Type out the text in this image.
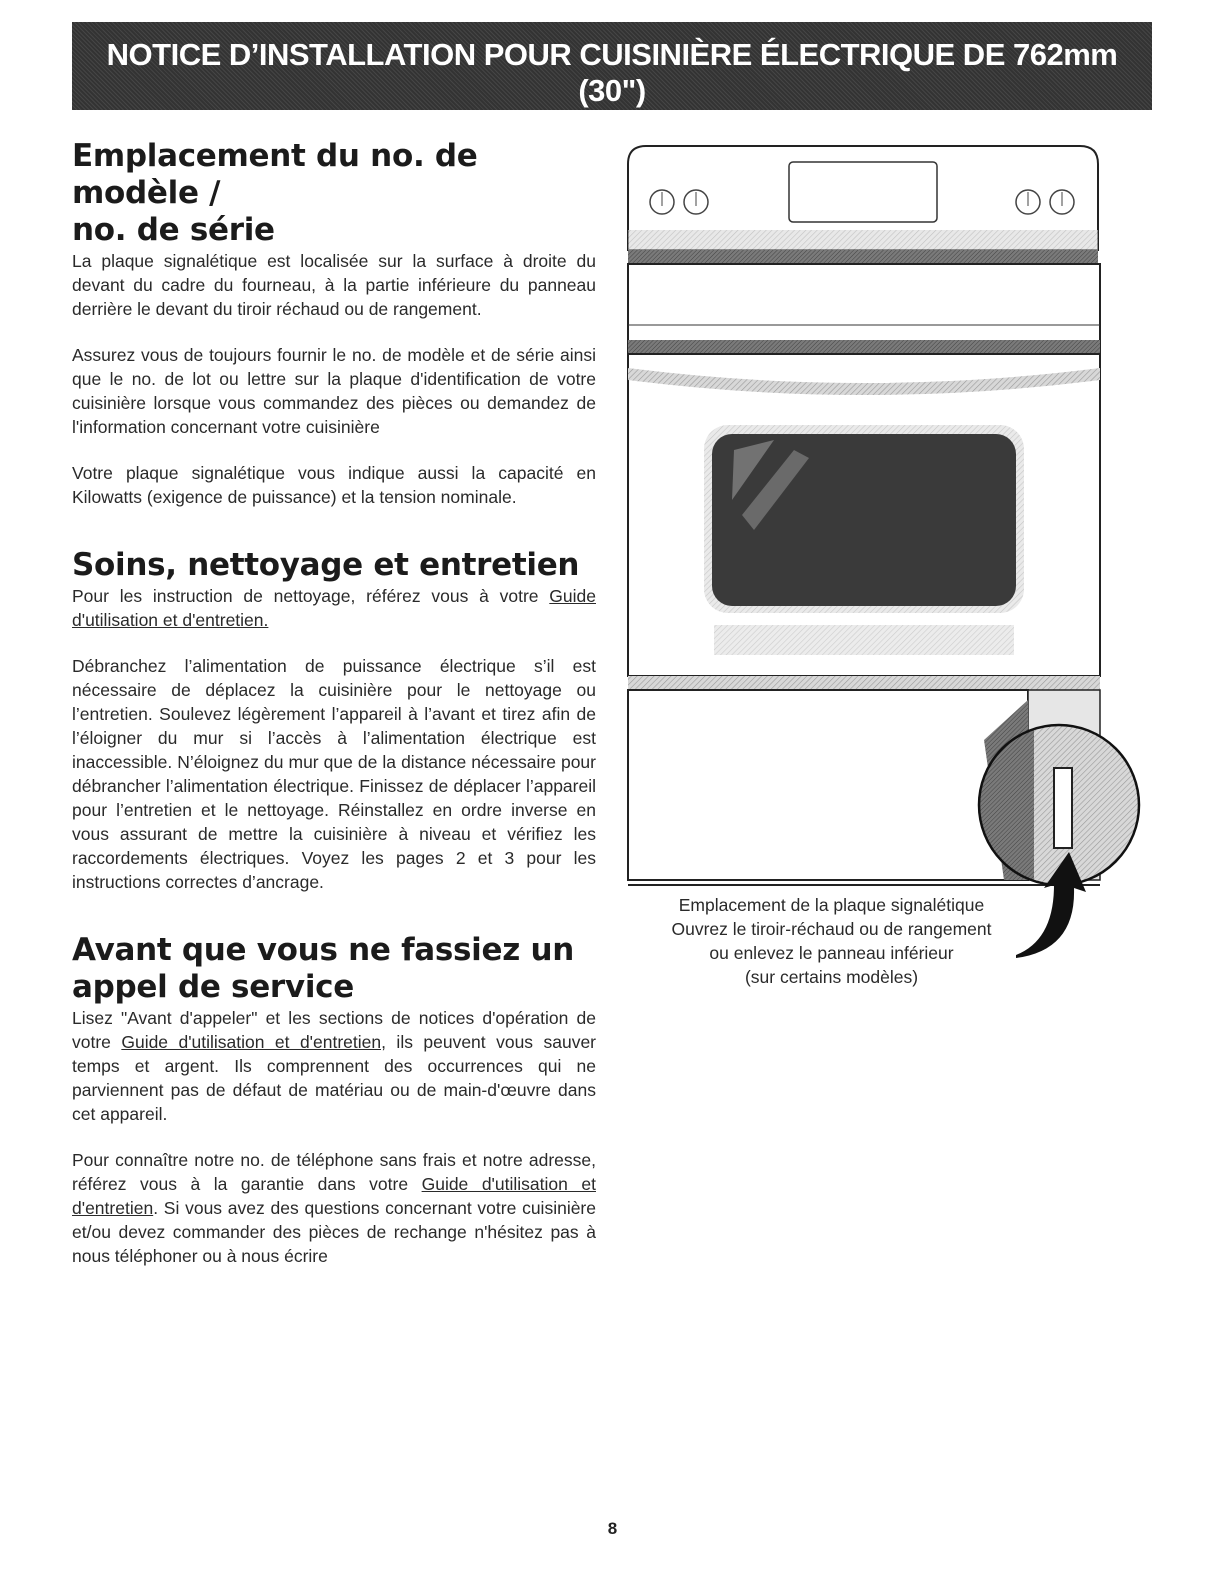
NOTICE D’INSTALLATION POUR CUISINIÈRE ÉLECTRIQUE DE 762mm (30")
(pour les systèmes 60 Hz à 4 fils)
Emplacement du no. de modèle /
no. de série

La plaque signalétique est localisée sur la surface à droite du devant du cadre du fourneau, à la partie inférieure du panneau derrière le devant du tiroir réchaud ou de rangement.

Assurez vous de toujours fournir le no. de modèle et de série ainsi que le no. de lot ou lettre sur la plaque d'identification de votre cuisinière lorsque vous commandez des pièces ou demandez de l'information concernant votre cuisinière

Votre plaque signalétique vous indique aussi la capacité en Kilowatts (exigence de puissance) et la tension nominale.

Soins, nettoyage et entretien

Pour les instruction de nettoyage, référez vous à votre Guide d'utilisation et d'entretien.

Débranchez l’alimentation de puissance électrique s’il est nécessaire de déplacez la cuisinière pour le nettoyage ou l’entretien. Soulevez légèrement l’appareil à l’avant et tirez afin de l’éloigner du mur si l’accès à l’alimentation électrique est inaccessible. N’éloignez du mur que de la distance nécessaire pour débrancher l’alimentation électrique. Finissez de déplacer l’appareil pour l’entretien et le nettoyage. Réinstallez en ordre inverse en vous assurant de mettre la cuisinière à niveau et vérifiez les raccordements électriques. Voyez les pages 2 et 3 pour les instructions correctes d’ancrage.

Avant que vous ne fassiez un
appel de service

Lisez "Avant d'appeler" et les sections de notices d'opération de votre Guide d'utilisation et d'entretien, ils peuvent vous sauver temps et argent. Ils comprennent des occurrences qui ne parviennent pas de défaut de matériau ou de main-d'œuvre dans cet appareil.

Pour connaître notre no. de téléphone sans frais et notre adresse, référez vous à la garantie dans votre Guide d'utilisation et d'entretien. Si vous avez des questions concernant votre cuisinière et/ou devez commander des pièces de rechange n'hésitez pas à nous téléphoner ou à nous écrire

Emplacement de la plaque signalétique
Ouvrez le tiroir-réchaud ou de rangement
ou enlevez le panneau inférieur
(sur certains modèles)
8
